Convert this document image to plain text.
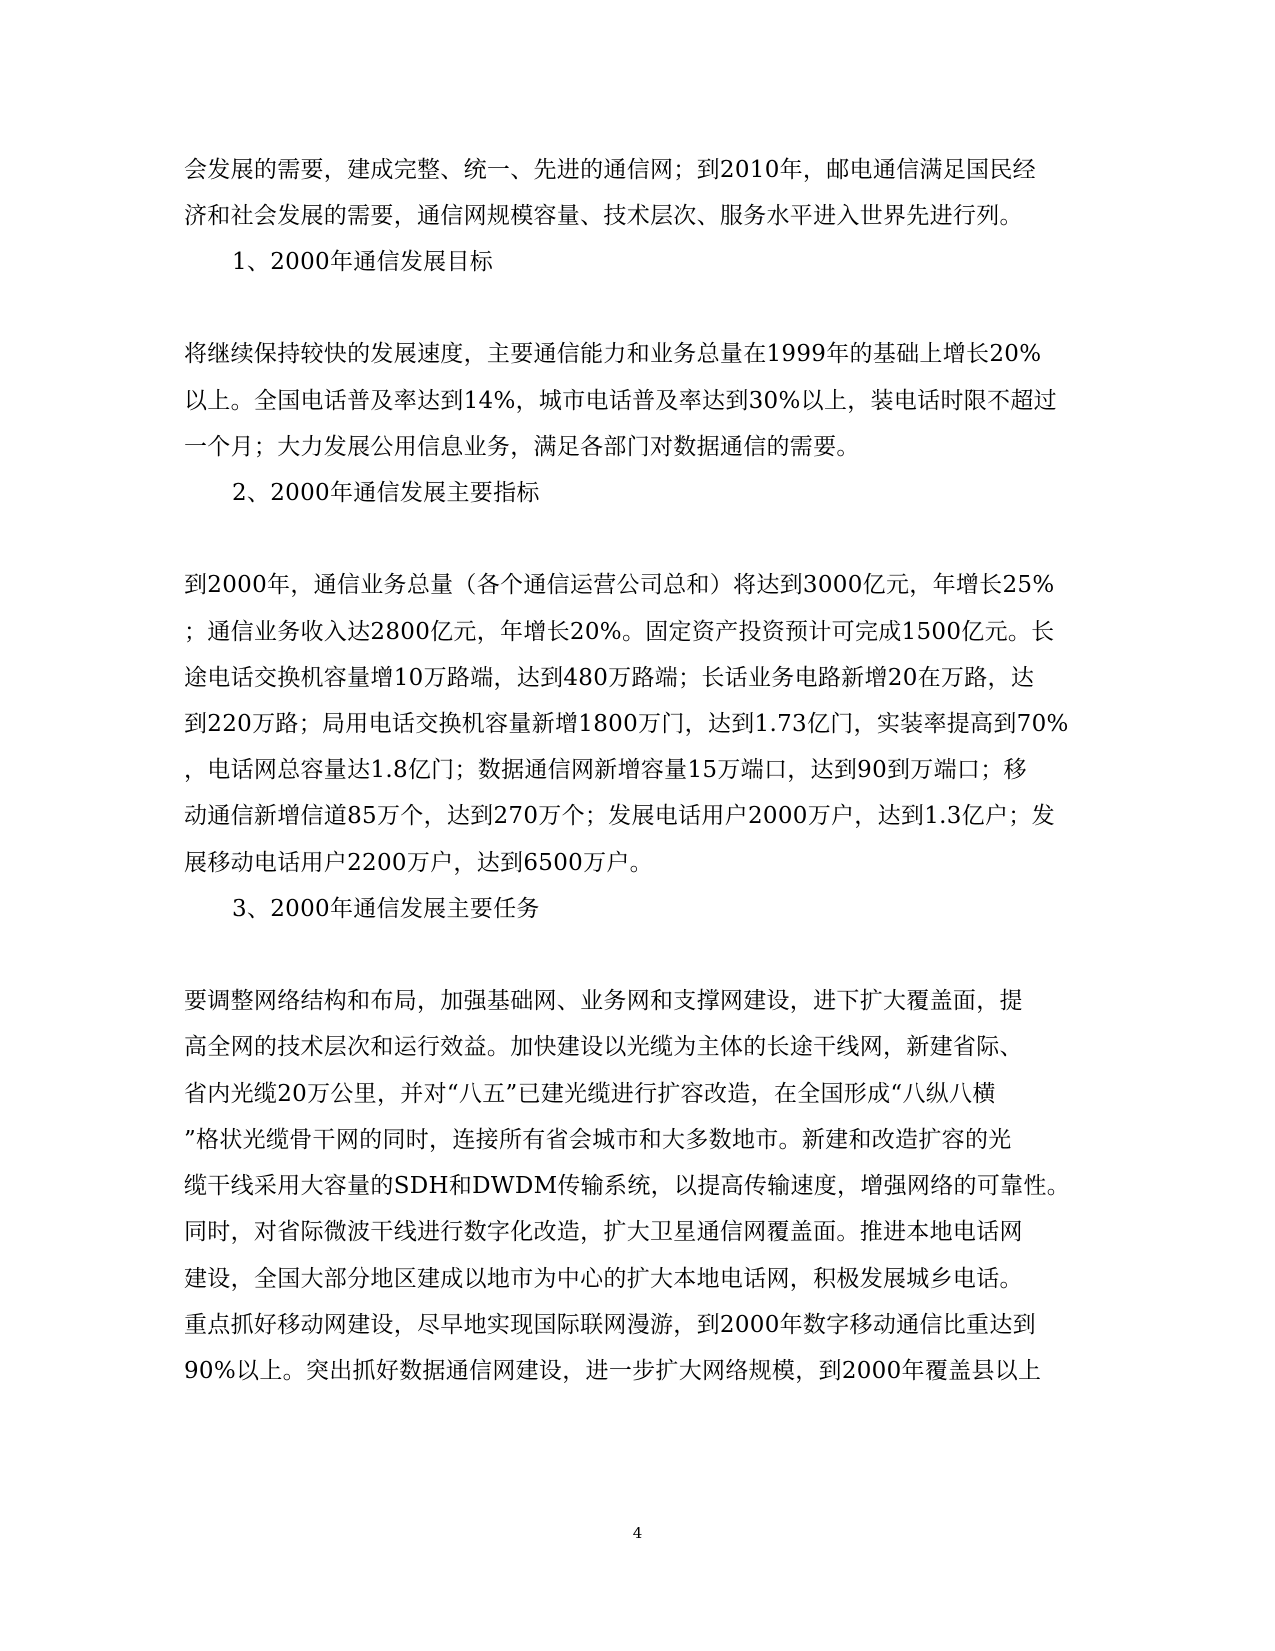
会发展的需要，建成完整、统一、先进的通信网；到2010年，邮电通信满足国民经
济和社会发展的需要，通信网规模容量、技术层次、服务水平进入世界先进行列。
1、2000年通信发展目标
将继续保持较快的发展速度，主要通信能力和业务总量在1999年的基础上增长20%
以上。全国电话普及率达到14%，城市电话普及率达到30%以上，装电话时限不超过
一个月；大力发展公用信息业务，满足各部门对数据通信的需要。
2、2000年通信发展主要指标
到2000年，通信业务总量（各个通信运营公司总和）将达到3000亿元，年增长25%
；通信业务收入达2800亿元，年增长20%。固定资产投资预计可完成1500亿元。长
途电话交换机容量增10万路端，达到480万路端；长话业务电路新增20在万路，达
到220万路；局用电话交换机容量新增1800万门，达到1.73亿门，实装率提高到70%
，电话网总容量达1.8亿门；数据通信网新增容量15万端口，达到90到万端口；移
动通信新增信道85万个，达到270万个；发展电话用户2000万户，达到1.3亿户；发
展移动电话用户2200万户，达到6500万户。
3、2000年通信发展主要任务
要调整网络结构和布局，加强基础网、业务网和支撑网建设，进下扩大覆盖面，提
高全网的技术层次和运行效益。加快建设以光缆为主体的长途干线网，新建省际、
省内光缆20万公里，并对“八五”已建光缆进行扩容改造，在全国形成“八纵八横
”格状光缆骨干网的同时，连接所有省会城市和大多数地市。新建和改造扩容的光
缆干线采用大容量的SDH和DWDM传输系统，以提高传输速度，增强网络的可靠性。
同时，对省际微波干线进行数字化改造，扩大卫星通信网覆盖面。推进本地电话网
建设，全国大部分地区建成以地市为中心的扩大本地电话网，积极发展城乡电话。
重点抓好移动网建设，尽早地实现国际联网漫游，到2000年数字移动通信比重达到
90%以上。突出抓好数据通信网建设，进一步扩大网络规模，到2000年覆盖县以上
4
